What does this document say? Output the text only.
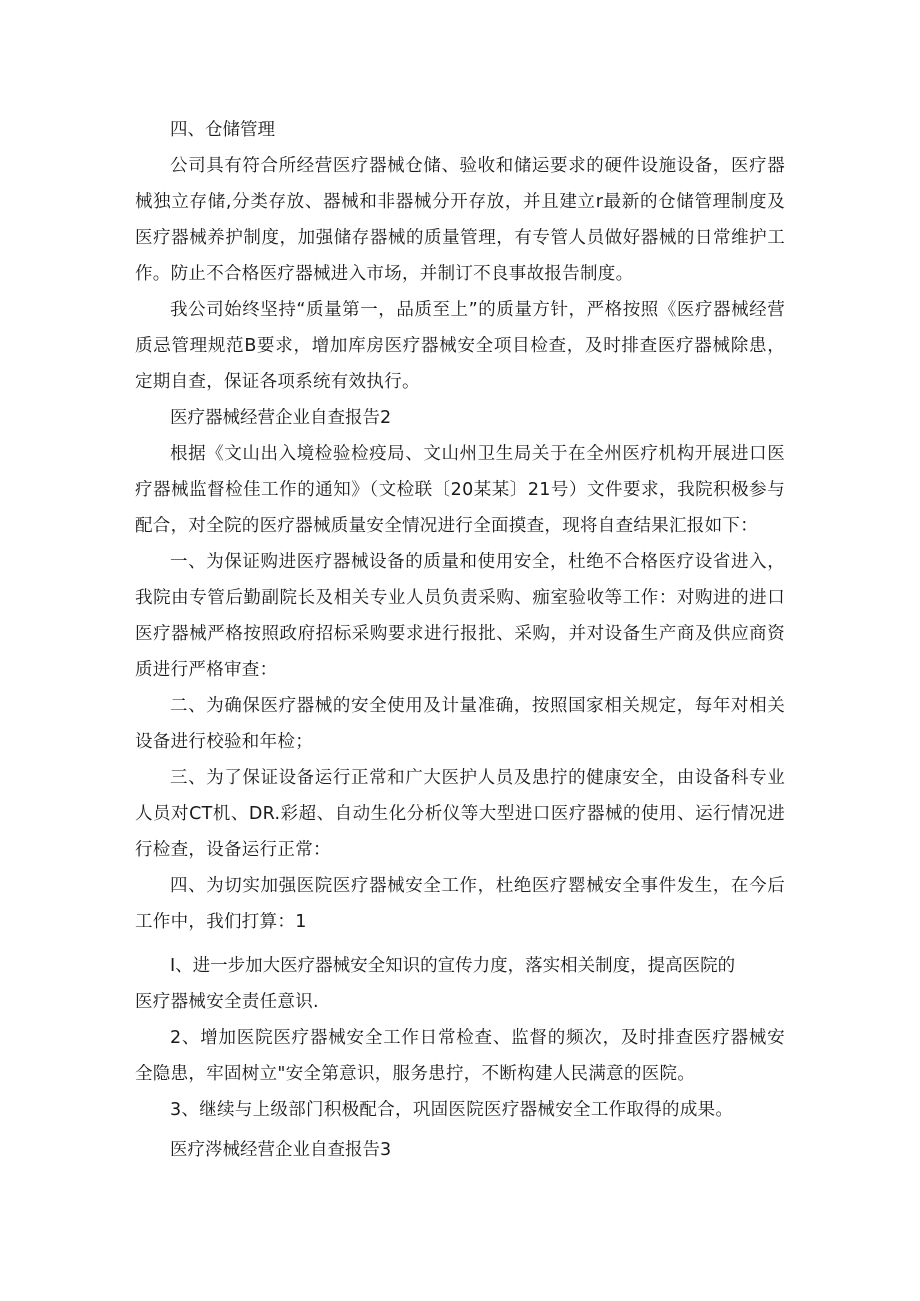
四、仓储管理

公司具有符合所经营医疗器械仓储、验收和储运要求的硬件设施设备，医疗器械独立存储,分类存放、器械和非器械分开存放，并且建立r最新的仓储管理制度及医疗器械养护制度，加强储存器械的质量管理，有专管人员做好器械的日常维护工作。防止不合格医疗器械进入市场，并制订不良事故报告制度。

我公司始终坚持“质量第一，品质至上”的质量方针，严格按照《医疗器械经营质忌管理规范B要求，增加库房医疗器械安全项目检查，及时排查医疗器械除患，定期自查，保证各项系统有效执行。

医疗器械经营企业自查报告2

根据《文山出入境检验检疫局、文山州卫生局关于在全州医疗机构开展进口医疗器械监督检佳工作的通知》（文检联〔20某某〕21号）文件要求，我院积极参与配合，对全院的医疗器械质量安全情况进行全面摸查，现将自查结果汇报如下：

一、为保证购进医疗器械设备的质量和使用安全，杜绝不合格医疗设省进入，我院由专管后勤副院长及相关专业人员负责采购、痂室验收等工作：对购进的进口医疗器械严格按照政府招标采购要求进行报批、采购，并对设备生产商及供应商资质进行严格审查：

二、为确保医疗器械的安全使用及计量准确，按照国家相关规定，每年对相关设备进行校验和年检；

三、为了保证设备运行正常和广大医护人员及患拧的健康安全，由设备科专业人员对CT机、DR.彩超、自动生化分析仪等大型进口医疗器械的使用、运行情况进行检查，设备运行正常：

四、为切实加强医院医疗器械安全工作，杜绝医疗罂械安全事件发生，在今后工作中，我们打算：1

I、进一步加大医疗器械安全知识的宣传力度，落实相关制度，提高医院的

医疗器械安全责任意识.

2、增加医院医疗器械安全工作日常检查、监督的频次，及时排查医疗器械安全隐患，牢固树立"安全第意识，服务患拧，不断构建人民满意的医院。

3、继续与上级部门积极配合，巩固医院医疗器械安全工作取得的成果。

医疗涔械经营企业自查报告3
